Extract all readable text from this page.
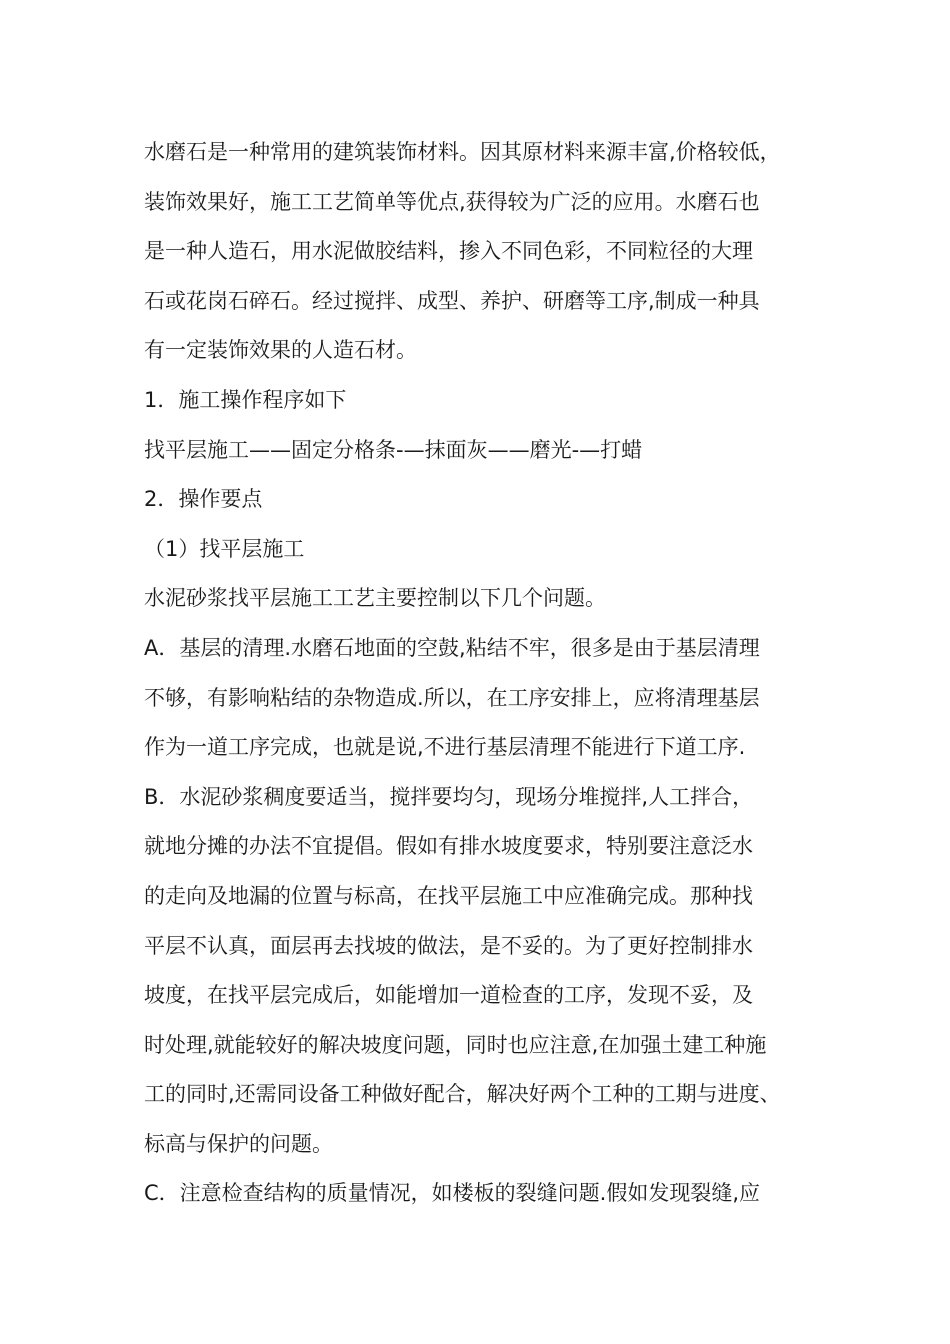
水磨石是一种常用的建筑装饰材料。因其原材料来源丰富,价格较低，
装饰效果好，施工工艺简单等优点,获得较为广泛的应用。水磨石也
是一种人造石，用水泥做胶结料，掺入不同色彩，不同粒径的大理
石或花岗石碎石。经过搅拌、成型、养护、研磨等工序,制成一种具
有一定装饰效果的人造石材。
1．施工操作程序如下
找平层施工——固定分格条-—抹面灰——磨光-—打蜡
2．操作要点
（1）找平层施工
水泥砂浆找平层施工工艺主要控制以下几个问题。
A．基层的清理.水磨石地面的空鼓,粘结不牢，很多是由于基层清理
不够，有影响粘结的杂物造成.所以，在工序安排上，应将清理基层
作为一道工序完成，也就是说,不进行基层清理不能进行下道工序.
B．水泥砂浆稠度要适当，搅拌要均匀，现场分堆搅拌,人工拌合，
就地分摊的办法不宜提倡。假如有排水坡度要求，特别要注意泛水
的走向及地漏的位置与标高，在找平层施工中应准确完成。那种找
平层不认真，面层再去找坡的做法，是不妥的。为了更好控制排水
坡度，在找平层完成后，如能增加一道检查的工序，发现不妥，及
时处理,就能较好的解决坡度问题，同时也应注意,在加强土建工种施
工的同时,还需同设备工种做好配合，解决好两个工种的工期与进度、
标高与保护的问题。
C．注意检查结构的质量情况，如楼板的裂缝问题.假如发现裂缝,应
